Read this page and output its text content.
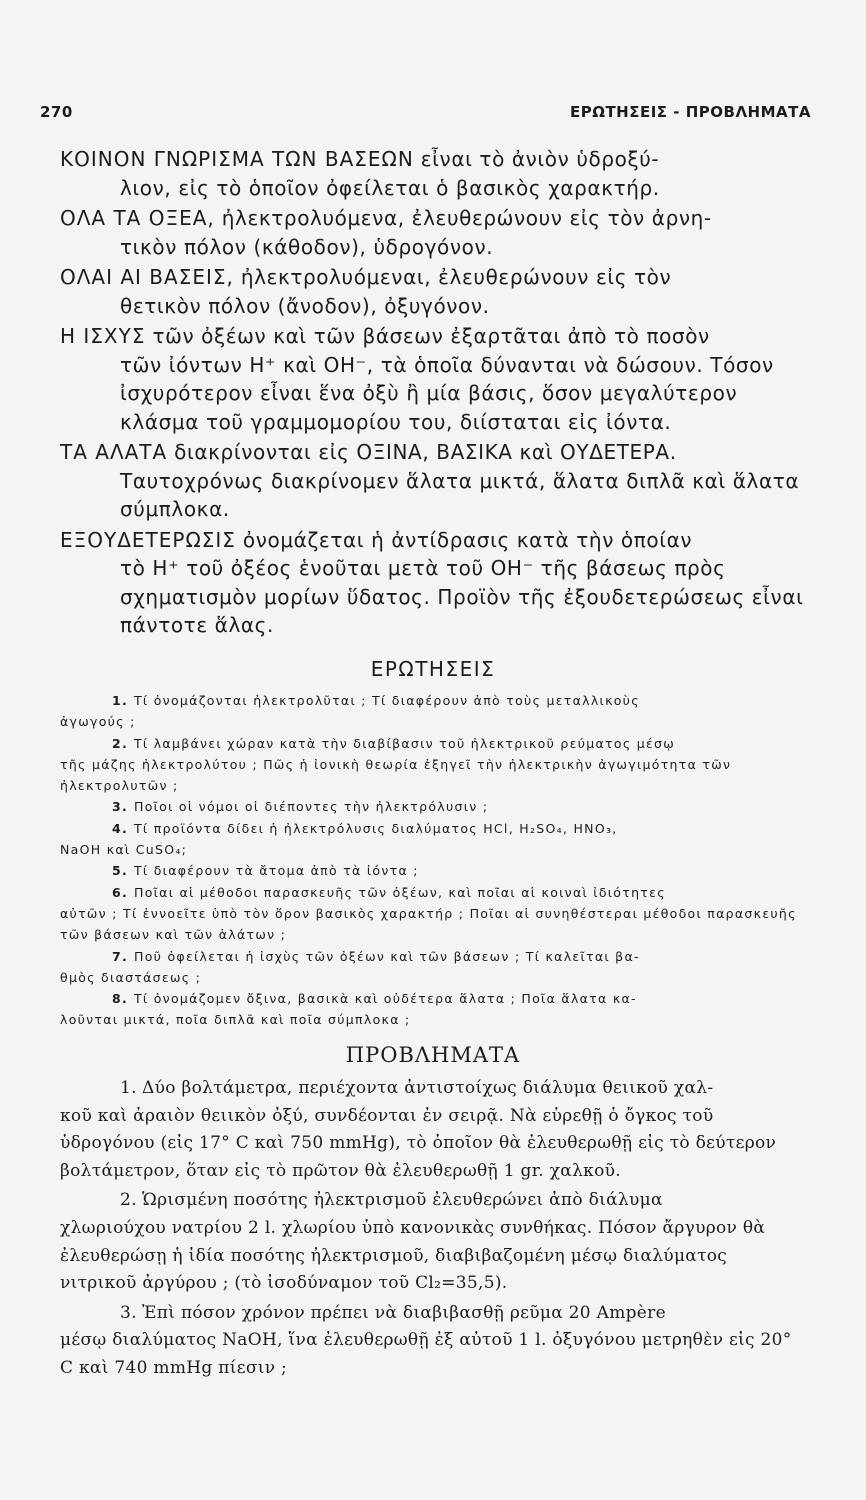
270	ΕΡΩΤΗΣΕΙΣ - ΠΡΟΒΛΗΜΑΤΑ
ΚΟΙΝΟΝ ΓΝΩΡΙΣΜΑ ΤΩΝ ΒΑΣΕΩΝ εἶναι τὸ ἀνιὸν ὑδροξύ-
λιον, εἰς τὸ ὁποῖον ὀφείλεται ὁ βασικὸς χαρακτήρ.
ΟΛΑ ΤΑ ΟΞΕΑ, ἠλεκτρολυόμενα, ἐλευθερώνουν εἰς τὸν ἀρνη-
τικὸν πόλον (κάθοδον), ὑδρογόνον.
ΟΛΑΙ ΑΙ ΒΑΣΕΙΣ, ἠλεκτρολυόμεναι, ἐλευθερώνουν εἰς τὸν
θετικὸν πόλον (ἄνοδον), ὀξυγόνον.
Η ΙΣΧΥΣ τῶν ὀξέων καὶ τῶν βάσεων ἐξαρτᾶται ἀπὸ τὸ ποσὸν
τῶν ἰόντων H⁺ καὶ OH⁻, τὰ ὁποῖα δύνανται νὰ δώσουν. Τόσον ἰσχυρότερον εἶναι ἕνα ὀξὺ ἢ μία βάσις, ὅσον μεγαλύτερον κλάσμα τοῦ γραμμομορίου του, διίσταται εἰς ἰόντα.
ΤΑ ΑΛΑΤΑ διακρίνονται εἰς ΟΞΙΝΑ, ΒΑΣΙΚΑ καὶ ΟΥΔΕΤΕΡΑ.
Ταυτοχρόνως διακρίνομεν ἅλατα μικτά, ἅλατα διπλᾶ καὶ ἅλατα σύμπλοκα.
ΕΞΟΥΔΕΤΕΡΩΣΙΣ ὀνομάζεται ἡ ἀντίδρασις κατὰ τὴν ὁποίαν
τὸ H⁺ τοῦ ὀξέος ἑνοῦται μετὰ τοῦ OH⁻ τῆς βάσεως πρὸς σχηματισμὸν μορίων ὕδατος. Προϊὸν τῆς ἐξουδετερώσεως εἶναι πάντοτε ἅλας.
ΕΡΩΤΗΣΕΙΣ
1. Τί ὀνομάζονται ἠλεκτρολῦται ; Τί διαφέρουν ἀπὸ τοὺς μεταλλικοὺς
ἀγωγούς ;
2. Τί λαμβάνει χώραν κατὰ τὴν διαβίβασιν τοῦ ἠλεκτρικοῦ ρεύματος μέσῳ
τῆς μάζης ἠλεκτρολύτου ; Πῶς ἡ ἰονικὴ θεωρία ἐξηγεῖ τὴν ἠλεκτρικὴν ἀγωγιμότητα τῶν ἠλεκτρολυτῶν ;
3. Ποῖοι οἱ νόμοι οἱ διέποντες τὴν ἠλεκτρόλυσιν ;
4. Τί προϊόντα δίδει ἡ ἠλεκτρόλυσις διαλύματος HCl, H₂SO₄, HNO₃,
NaOH καὶ CuSO₄;
5. Τί διαφέρουν τὰ ἄτομα ἀπὸ τὰ ἰόντα ;
6. Ποῖαι αἱ μέθοδοι παρασκευῆς τῶν ὀξέων, καὶ ποῖαι αἱ κοιναὶ ἰδιότητες
αὐτῶν ; Τί ἐννοεῖτε ὑπὸ τὸν ὅρον βασικὸς χαρακτήρ ; Ποῖαι αἱ συνηθέστεραι μέθοδοι παρασκευῆς τῶν βάσεων καὶ τῶν ἁλάτων ;
7. Ποῦ ὀφείλεται ἡ ἰσχὺς τῶν ὀξέων καὶ τῶν βάσεων ; Τί καλεῖται βα-
θμὸς διαστάσεως ;
8. Τί ὀνομάζομεν ὄξινα, βασικὰ καὶ οὐδέτερα ἅλατα ; Ποῖα ἅλατα κα-
λοῦνται μικτά, ποῖα διπλᾶ καὶ ποῖα σύμπλοκα ;
ΠΡΟΒΛΗΜΑΤΑ
1. Δύο βολτάμετρα, περιέχοντα ἀντιστοίχως διάλυμα θειικοῦ χαλ-
κοῦ καὶ ἀραιὸν θειικὸν ὀξύ, συνδέονται ἐν σειρᾷ. Νὰ εὑρεθῇ ὁ ὄγκος τοῦ ὑδρογόνου (εἰς 17° C καὶ 750 mmHg), τὸ ὁποῖον θὰ ἐλευθερωθῇ εἰς τὸ δεύτερον βολτάμετρον, ὅταν εἰς τὸ πρῶτον θὰ ἐλευθερωθῇ 1 gr. χαλκοῦ.
2. Ὡρισμένη ποσότης ἠλεκτρισμοῦ ἐλευθερώνει ἀπὸ διάλυμα
χλωριούχου νατρίου 2 l. χλωρίου ὑπὸ κανονικὰς συνθήκας. Πόσον ἄργυρον θὰ ἐλευθερώσῃ ἡ ἰδία ποσότης ἠλεκτρισμοῦ, διαβιβαζομένη μέσῳ διαλύματος νιτρικοῦ ἀργύρου ; (τὸ ἰσοδύναμον τοῦ Cl₂=35,5).
3. Ἐπὶ πόσον χρόνον πρέπει νὰ διαβιβασθῇ ρεῦμα 20 Ampère
μέσῳ διαλύματος NaOH, ἵνα ἐλευθερωθῇ ἐξ αὐτοῦ 1 l. ὀξυγόνου μετρηθὲν εἰς 20° C καὶ 740 mmHg πίεσιν ;
